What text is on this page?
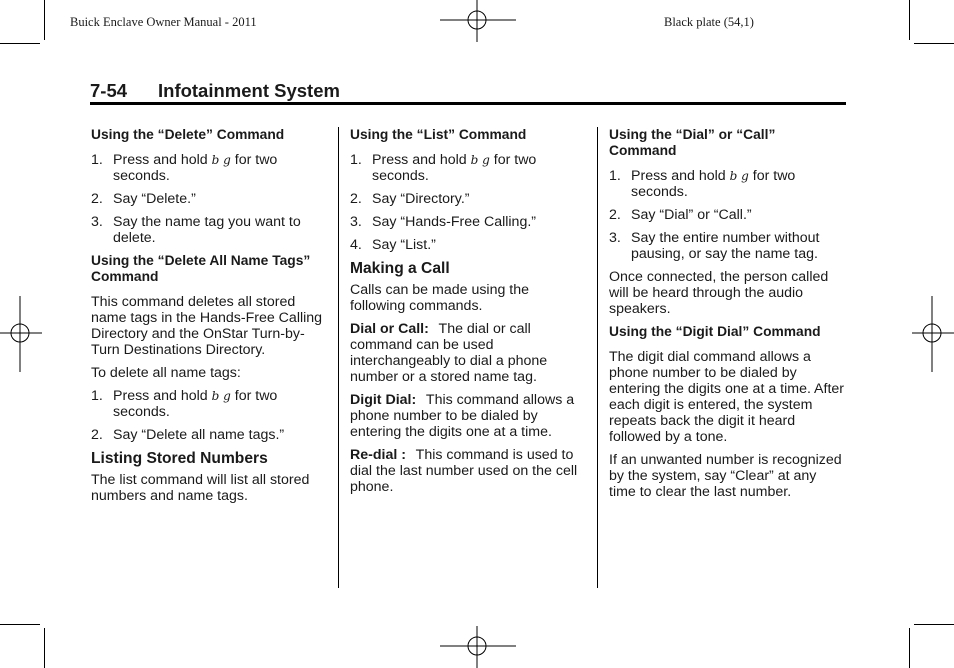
Buick Enclave Owner Manual - 2011	Black plate (54,1)
7-54 Infotainment System
Using the “Delete” Command
1. Press and hold b g for two seconds.
2. Say “Delete.”
3. Say the name tag you want to delete.
Using the “Delete All Name Tags” Command

This command deletes all stored name tags in the Hands-Free Calling Directory and the OnStar Turn-by-Turn Destinations Directory.

To delete all name tags:

1. Press and hold b g for two seconds.
2. Say “Delete all name tags.”
Listing Stored Numbers

The list command will list all stored numbers and name tags.

Using the “List” Command
1. Press and hold b g for two seconds.
2. Say “Directory.”
3. Say “Hands-Free Calling.”
4. Say “List.”
Making a Call

Calls can be made using the following commands.

Dial or Call: The dial or call command can be used interchangeably to dial a phone number or a stored name tag.

Digit Dial: This command allows a phone number to be dialed by entering the digits one at a time.

Re-dial : This command is used to dial the last number used on the cell phone.

Using the “Dial” or “Call” Command
1. Press and hold b g for two seconds.
2. Say “Dial” or “Call.”
3. Say the entire number without pausing, or say the name tag.

Once connected, the person called will be heard through the audio speakers.

Using the “Digit Dial” Command

The digit dial command allows a phone number to be dialed by entering the digits one at a time. After each digit is entered, the system repeats back the digit it heard followed by a tone.

If an unwanted number is recognized by the system, say “Clear” at any time to clear the last number.
